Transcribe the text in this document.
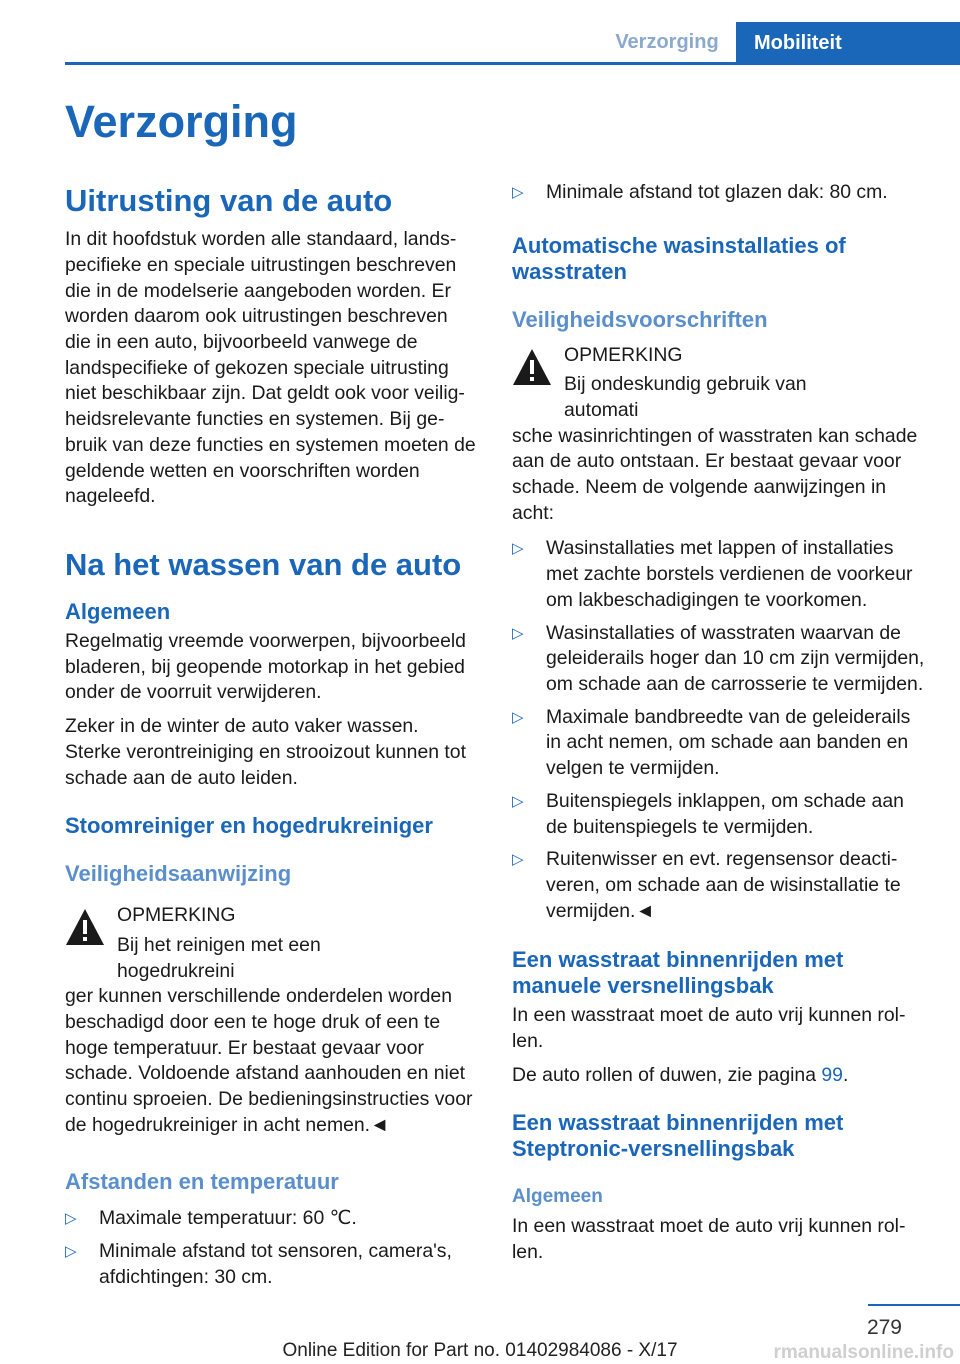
Verzorging	Mobiliteit
Verzorging
Uitrusting van de auto

In dit hoofdstuk worden alle standaard, landspecifieke en speciale uitrustingen beschreven die in de modelserie aangeboden worden. Er worden daarom ook uitrustingen beschreven die in een auto, bijvoorbeeld vanwege de landspecifieke of gekozen speciale uitrusting niet beschikbaar zijn. Dat geldt ook voor veiligheidsrelevante functies en systemen. Bij gebruik van deze functies en systemen moeten de geldende wetten en voorschriften worden nageleefd.

Na het wassen van de auto
Algemeen

Regelmatig vreemde voorwerpen, bijvoorbeeld bladeren, bij geopende motorkap in het gebied onder de voorruit verwijderen.

Zeker in de winter de auto vaker wassen. Sterke verontreiniging en strooizout kunnen tot schade aan de auto leiden.

Stoomreiniger en hogedrukreiniger
Veiligheidsaanwijzing
OPMERKING
Bij het reinigen met een hogedrukreini

ger kunnen verschillende onderdelen worden beschadigd door een te hoge druk of een te hoge temperatuur. Er bestaat gevaar voor schade. Voldoende afstand aanhouden en niet continu sproeien. De bedieningsinstructies voor de hogedrukreiniger in acht nemen.◄

Afstanden en temperatuur
▷ Maximale temperatuur: 60 ℃.
▷ Minimale afstand tot sensoren, camera's, afdichtingen: 30 cm.
▷ Minimale afstand tot glazen dak: 80 cm.
Automatische wasinstallaties of wasstraten
Veiligheidsvoorschriften
OPMERKING
Bij ondeskundig gebruik van automati

sche wasinrichtingen of wasstraten kan schade aan de auto ontstaan. Er bestaat gevaar voor schade. Neem de volgende aanwijzingen in acht:

▷ Wasinstallaties met lappen of installaties met zachte borstels verdienen de voorkeur om lakbeschadigingen te voorkomen.
▷ Wasinstallaties of wasstraten waarvan de geleiderails hoger dan 10 cm zijn vermijden, om schade aan de carrosserie te vermijden.
▷ Maximale bandbreedte van de geleiderails in acht nemen, om schade aan banden en velgen te vermijden.
▷ Buitenspiegels inklappen, om schade aan de buitenspiegels te vermijden.
▷ Ruitenwisser en evt. regensensor deactiveren, om schade aan de wisinstallatie te vermijden.◄
Een wasstraat binnenrijden met manuele versnellingsbak

In een wasstraat moet de auto vrij kunnen rollen.

De auto rollen of duwen, zie pagina 99.

Een wasstraat binnenrijden met Steptronic-versnellingsbak
Algemeen

In een wasstraat moet de auto vrij kunnen rollen.

279
Online Edition for Part no. 01402984086 - X/17	rmanualsonline.info
